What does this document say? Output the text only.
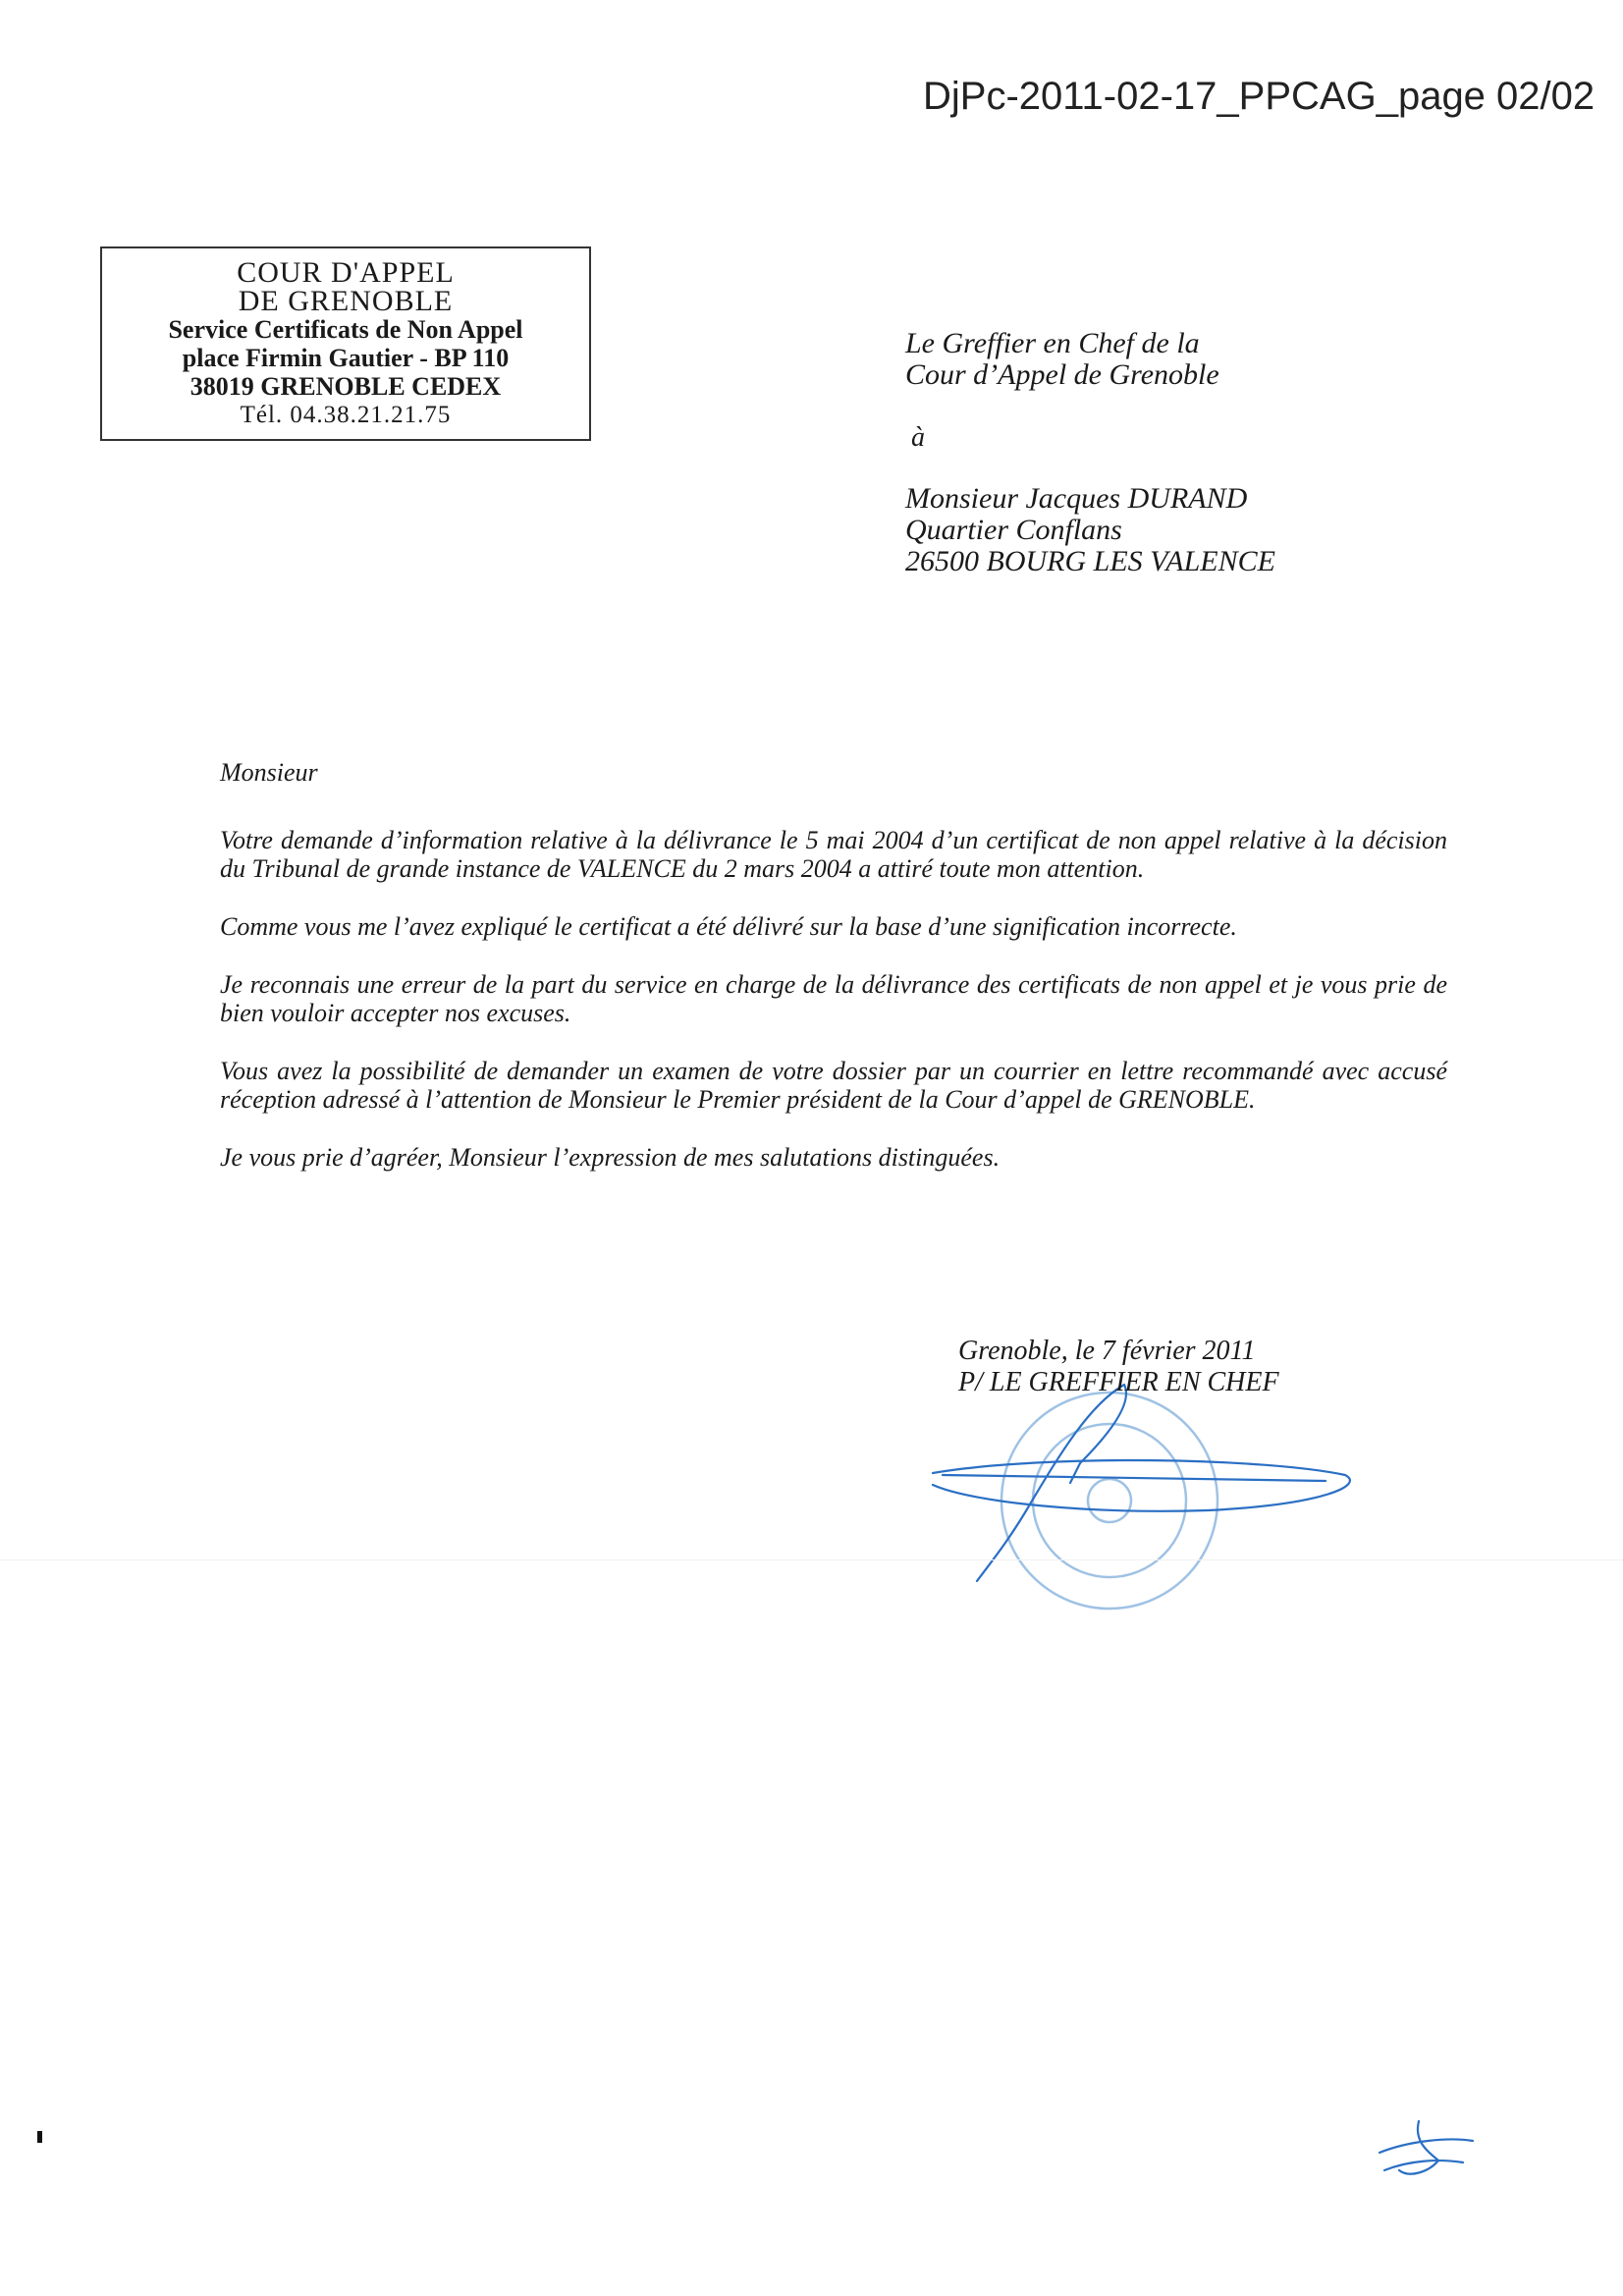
DjPc-2011-02-17_PPCAG_page 02/02
COUR D'APPEL
DE GRENOBLE
Service Certificats de Non Appel
place Firmin Gautier - BP 110
38019 GRENOBLE CEDEX
Tél. 04.38.21.21.75
Le Greffier en Chef de la
Cour d’Appel de Grenoble
à
Monsieur Jacques DURAND
Quartier Conflans
26500 BOURG LES VALENCE

Monsieur

Votre demande d’information relative à la délivrance le 5 mai 2004 d’un certificat de non appel relative à la décision du Tribunal de grande instance de VALENCE du 2 mars 2004 a attiré toute mon attention.

Comme vous me l’avez expliqué le certificat a été délivré sur la base d’une signification incorrecte.

Je reconnais une erreur de la part du service en charge de la délivrance des certificats de non appel et je vous prie de bien vouloir accepter nos excuses.

Vous avez la possibilité de demander un examen de votre dossier par un courrier en lettre recommandé avec accusé réception adressé à l’attention de Monsieur le Premier président de la Cour d’appel de GRENOBLE.

Je vous prie d’agréer, Monsieur l’expression de mes salutations distinguées.

Grenoble, le 7 février 2011
P/ LE GREFFIER EN CHEF
